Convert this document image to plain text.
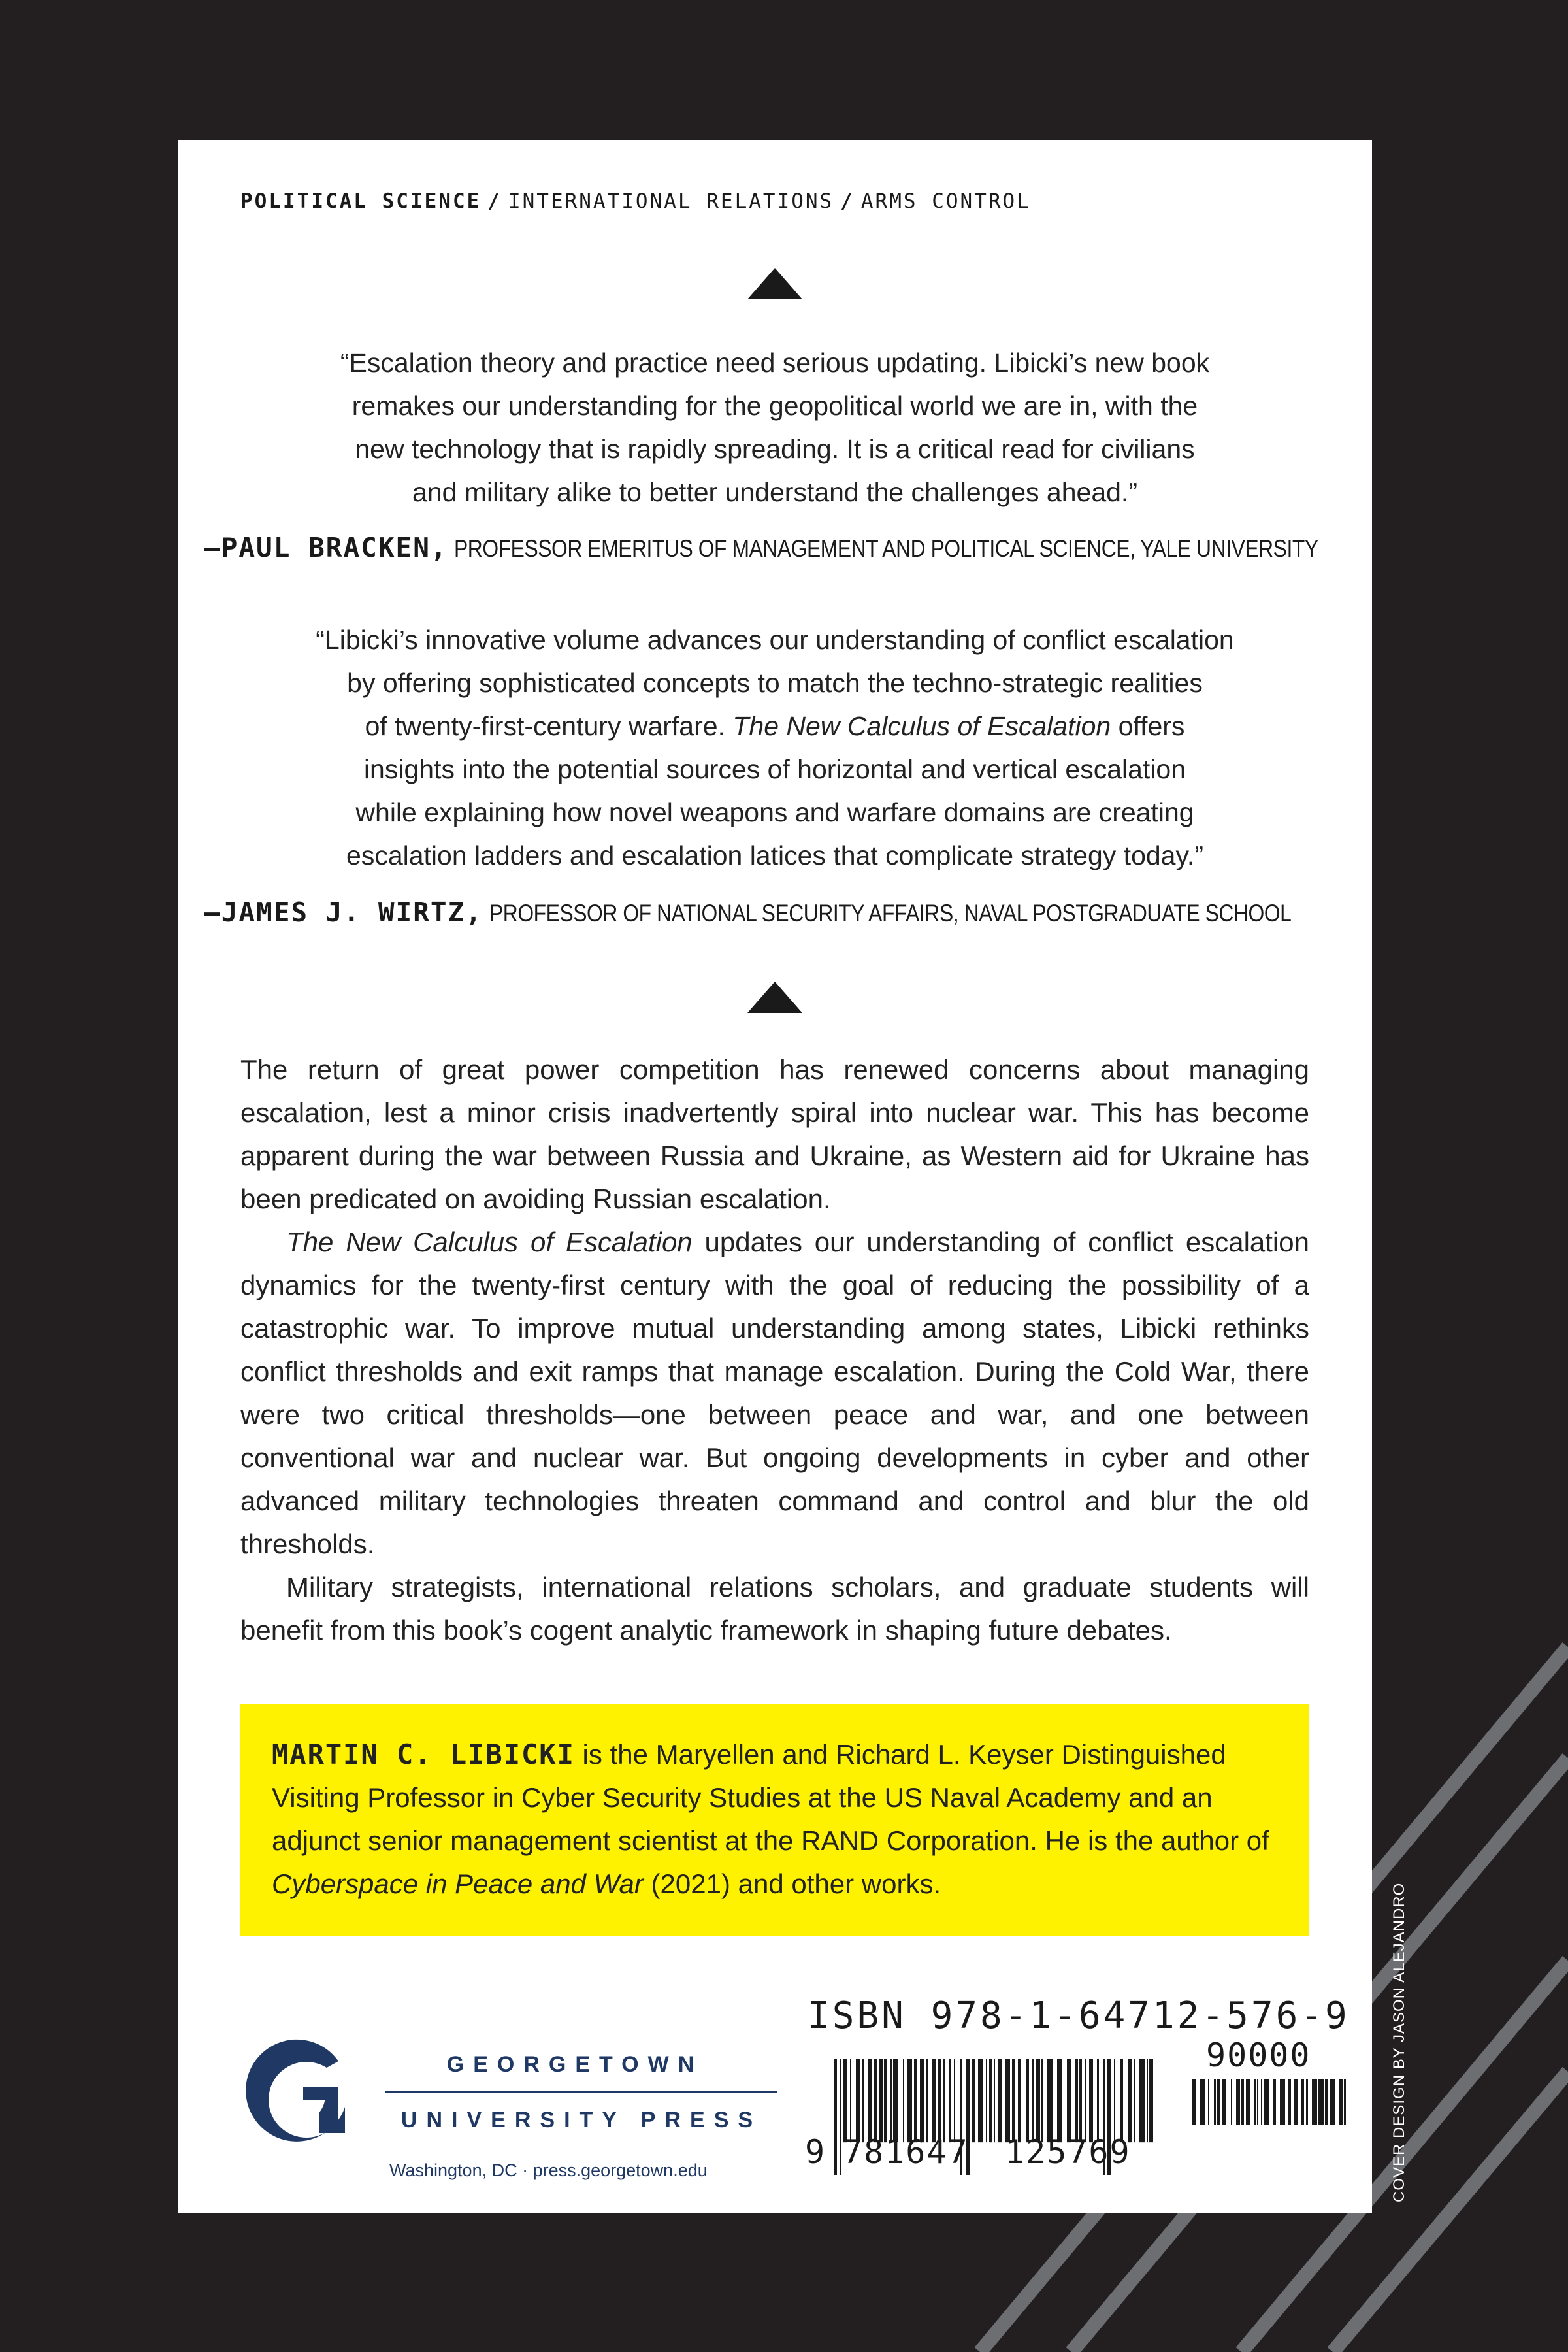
POLITICAL SCIENCE / INTERNATIONAL RELATIONS / ARMS CONTROL
“Escalation theory and practice need serious updating. Libicki’s new book
remakes our understanding for the geopolitical world we are in, with the
new technology that is rapidly spreading. It is a critical read for civilians
and military alike to better understand the challenges ahead.”
—PAUL BRACKEN, PROFESSOR EMERITUS OF MANAGEMENT AND POLITICAL SCIENCE, YALE UNIVERSITY
“Libicki’s innovative volume advances our understanding of conflict escalation
by offering sophisticated concepts to match the techno-strategic realities
of twenty-first-century warfare. The New Calculus of Escalation offers
insights into the potential sources of horizontal and vertical escalation
while explaining how novel weapons and warfare domains are creating
escalation ladders and escalation latices that complicate strategy today.”
—JAMES J. WIRTZ, PROFESSOR OF NATIONAL SECURITY AFFAIRS, NAVAL POSTGRADUATE SCHOOL

The return of great power competition has renewed concerns about managing escalation, lest a minor crisis inadvertently spiral into nuclear war. This has become apparent during the war between Russia and Ukraine, as Western aid for Ukraine has been predicated on avoiding Russian escalation.

The New Calculus of Escalation updates our understanding of conflict escalation dynamics for the twenty-first century with the goal of reducing the possibility of a catastrophic war. To improve mutual understanding among states, Libicki rethinks conflict thresholds and exit ramps that manage escalation. During the Cold War, there were two critical thresholds—one between peace and war, and one between conventional war and nuclear war. But ongoing developments in cyber and other advanced military technologies threaten command and control and blur the old thresholds.

Military strategists, international relations scholars, and graduate students will benefit from this book’s cogent analytic framework in shaping future debates.

MARTIN C. LIBICKI is the Maryellen and Richard L. Keyser Distinguished Visiting Professor in Cyber Security Studies at the US Naval Academy and an adjunct senior management scientist at the RAND Corporation. He is the author of Cyberspace in Peace and War (2021) and other works.
GEORGETOWN
UNIVERSITY PRESS
Washington, DC · press.georgetown.edu
ISBN 978-1-64712-576-9
90000
9 781647 125769	COVER DESIGN BY JASON ALEJANDRO
